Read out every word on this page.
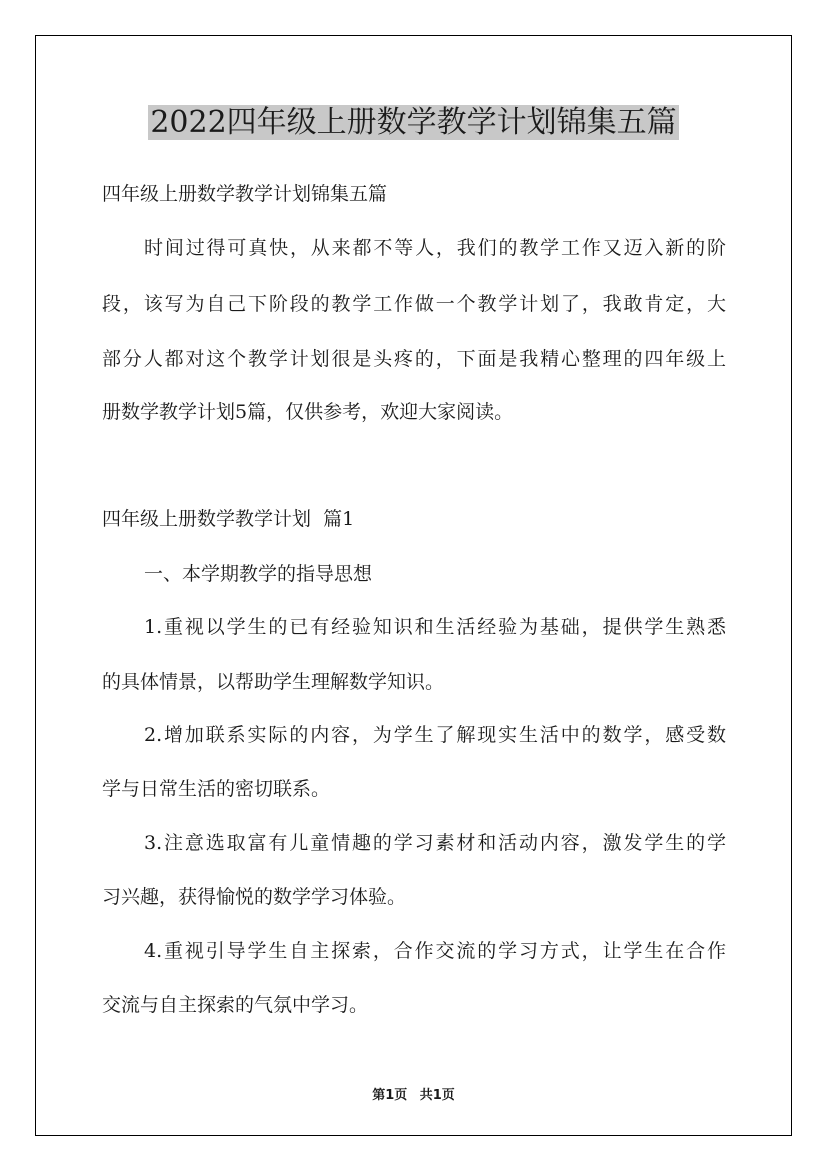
2022四年级上册数学教学计划锦集五篇
四年级上册数学教学计划锦集五篇
时间过得可真快，从来都不等人，我们的教学工作又迈入新的阶
段，该写为自己下阶段的教学工作做一个教学计划了，我敢肯定，大
部分人都对这个教学计划很是头疼的，下面是我精心整理的四年级上
册数学教学计划5篇，仅供参考，欢迎大家阅读。
四年级上册数学教学计划  篇1
一、本学期教学的指导思想
1.重视以学生的已有经验知识和生活经验为基础，提供学生熟悉
的具体情景，以帮助学生理解数学知识。
2.增加联系实际的内容，为学生了解现实生活中的数学，感受数
学与日常生活的密切联系。
3.注意选取富有儿童情趣的学习素材和活动内容，激发学生的学
习兴趣，获得愉悦的数学学习体验。
4.重视引导学生自主探索，合作交流的学习方式，让学生在合作
交流与自主探索的气氛中学习。
第1页 共1页
